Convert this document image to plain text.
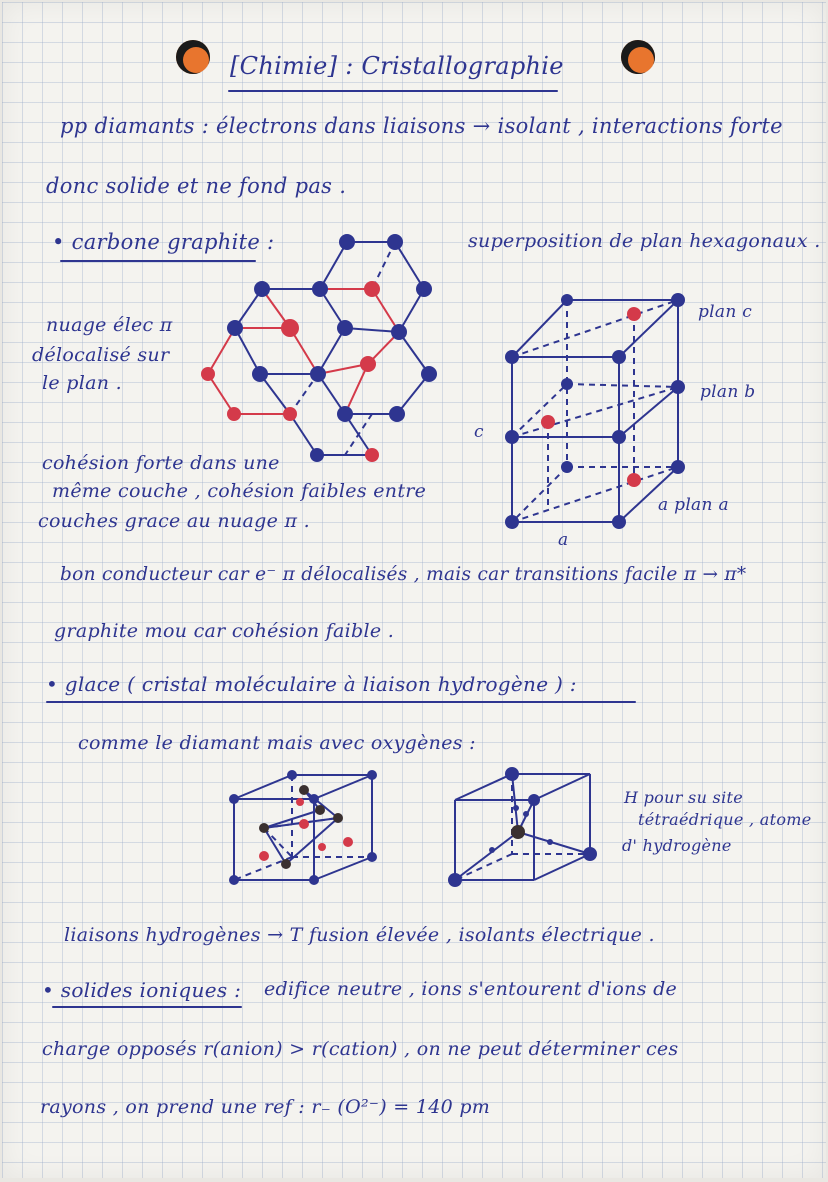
[Chimie] : Cristallographie
pp diamants : électrons dans liaisons → isolant , interactions forte
donc solide et ne fond pas .
• carbone graphite :	superposition de plan hexagonaux .
nuage élec π
délocalisé sur
le plan .
plan c
plan b
a plan a
c
a
cohésion forte dans une
même couche , cohésion faibles entre
couches grace au nuage π .
bon conducteur car e⁻ π délocalisés , mais car transitions facile π → π*
graphite mou car cohésion faible .
• glace ( cristal moléculaire à liaison hydrogène ) :
comme le diamant mais avec oxygènes :
H pour su site
tétraédrique , atome
d' hydrogène
liaisons hydrogènes → T fusion élevée , isolants électrique .
• solides ioniques : edifice neutre , ions s'entourent d'ions de
charge opposés r(anion) > r(cation) , on ne peut déterminer ces
rayons , on prend une ref : r₋ (O²⁻) = 140 pm
